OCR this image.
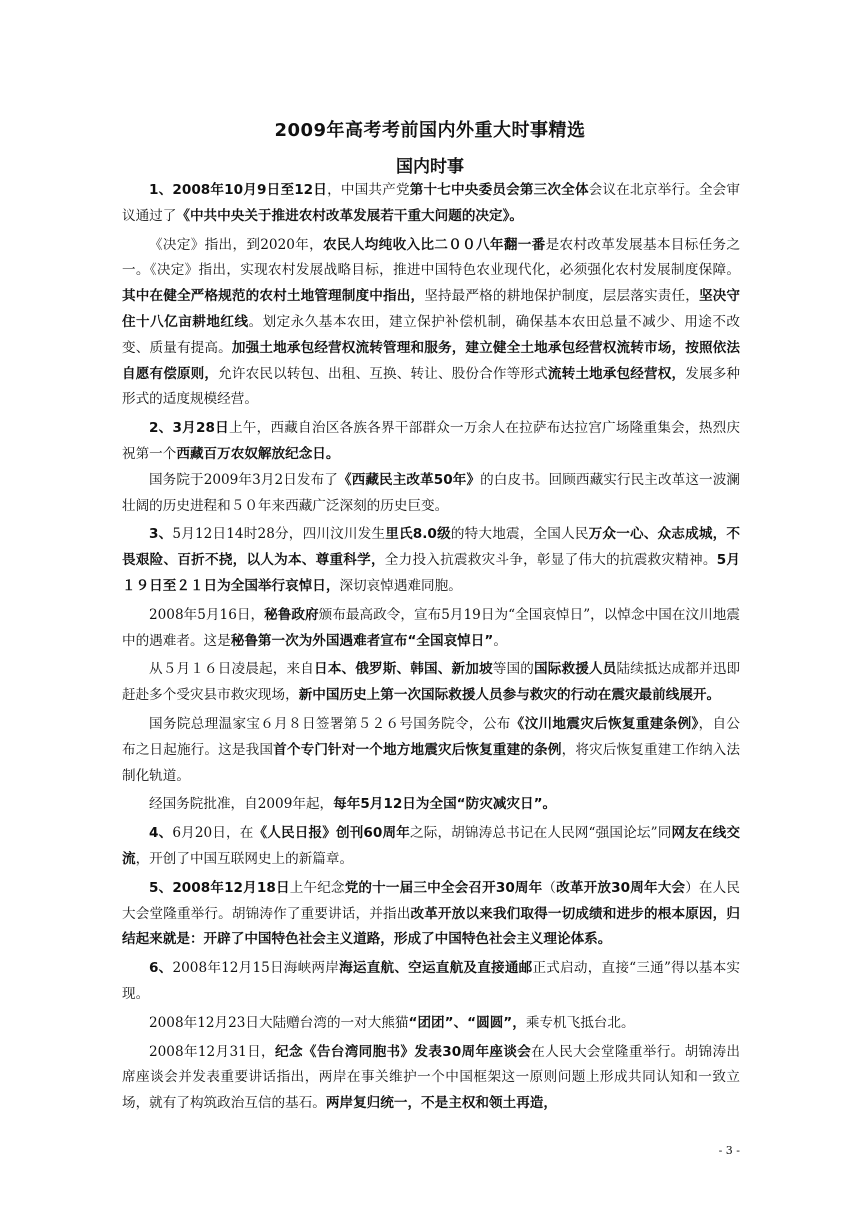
2009年高考考前国内外重大时事精选
国内时事

1、2008年10月9日至12日，中国共产党第十七中央委员会第三次全体会议在北京举行。全会审议通过了《中共中央关于推进农村改革发展若干重大问题的决定》。

《决定》指出，到2020年，农民人均纯收入比二００八年翻一番是农村改革发展基本目标任务之一。《决定》指出，实现农村发展战略目标，推进中国特色农业现代化，必须强化农村发展制度保障。其中在健全严格规范的农村土地管理制度中指出，坚持最严格的耕地保护制度，层层落实责任，坚决守住十八亿亩耕地红线。划定永久基本农田，建立保护补偿机制，确保基本农田总量不减少、用途不改变、质量有提高。加强土地承包经营权流转管理和服务，建立健全土地承包经营权流转市场，按照依法自愿有偿原则，允许农民以转包、出租、互换、转让、股份合作等形式流转土地承包经营权，发展多种形式的适度规模经营。

2、3月28日上午，西藏自治区各族各界干部群众一万余人在拉萨布达拉宫广场隆重集会，热烈庆祝第一个西藏百万农奴解放纪念日。

国务院于2009年3月2日发布了《西藏民主改革50年》的白皮书。回顾西藏实行民主改革这一波澜壮阔的历史进程和５０年来西藏广泛深刻的历史巨变。

3、5月12日14时28分，四川汶川发生里氏8.0级的特大地震，全国人民万众一心、众志成城，不畏艰险、百折不挠，以人为本、尊重科学，全力投入抗震救灾斗争，彰显了伟大的抗震救灾精神。5月１９日至２１日为全国举行哀悼日，深切哀悼遇难同胞。

2008年5月16日，秘鲁政府颁布最高政令，宣布5月19日为“全国哀悼日”，以悼念中国在汶川地震中的遇难者。这是秘鲁第一次为外国遇难者宣布“全国哀悼日”。

从５月１６日凌晨起，来自日本、俄罗斯、韩国、新加坡等国的国际救援人员陆续抵达成都并迅即赶赴多个受灾县市救灾现场，新中国历史上第一次国际救援人员参与救灾的行动在震灾最前线展开。

国务院总理温家宝６月８日签署第５２６号国务院令，公布《汶川地震灾后恢复重建条例》，自公布之日起施行。这是我国首个专门针对一个地方地震灾后恢复重建的条例，将灾后恢复重建工作纳入法制化轨道。

经国务院批准，自2009年起，每年5月12日为全国“防灾减灾日”。

4、6月20日，在《人民日报》创刊60周年之际，胡锦涛总书记在人民网“强国论坛”同网友在线交流，开创了中国互联网史上的新篇章。

5、2008年12月18日上午纪念党的十一届三中全会召开30周年（改革开放30周年大会）在人民大会堂隆重举行。胡锦涛作了重要讲话，并指出改革开放以来我们取得一切成绩和进步的根本原因，归结起来就是：开辟了中国特色社会主义道路，形成了中国特色社会主义理论体系。

6、2008年12月15日海峡两岸海运直航、空运直航及直接通邮正式启动，直接“三通”得以基本实现。

2008年12月23日大陆赠台湾的一对大熊猫“团团”、“圆圆”，乘专机飞抵台北。

2008年12月31日，纪念《告台湾同胞书》发表30周年座谈会在人民大会堂隆重举行。胡锦涛出席座谈会并发表重要讲话指出，两岸在事关维护一个中国框架这一原则问题上形成共同认知和一致立场，就有了构筑政治互信的基石。两岸复归统一，不是主权和领土再造，

- 3 -
